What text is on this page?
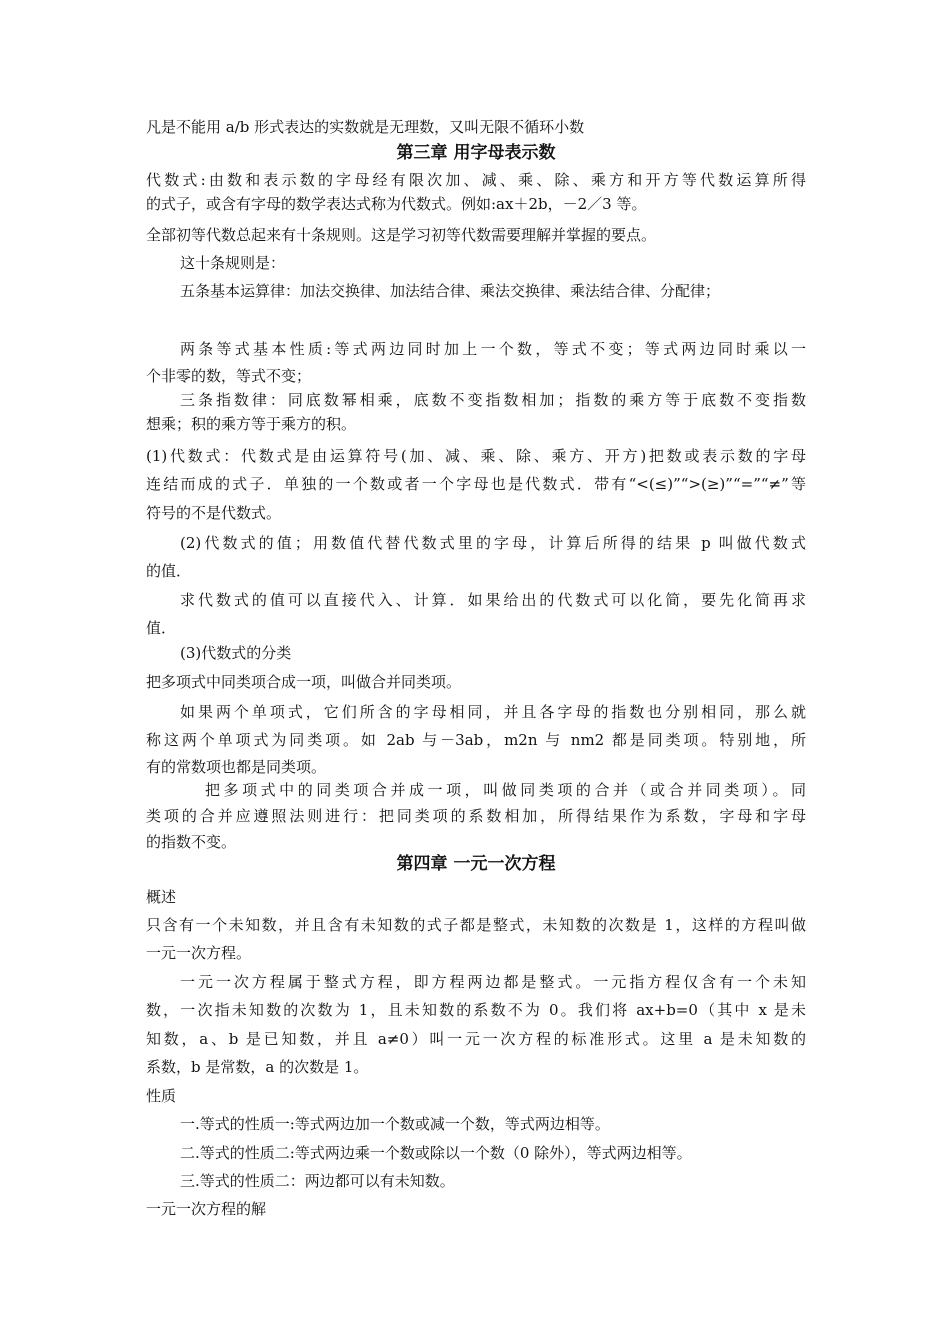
凡是不能用 a/b 形式表达的实数就是无理数，又叫无限不循环小数
第三章 用字母表示数
代数式:由数和表示数的字母经有限次加、减、乘、除、乘方和开方等代数运算所得
的式子，或含有字母的数学表达式称为代数式。例如:ax＋2b，－2／3 等。
全部初等代数总起来有十条规则。这是学习初等代数需要理解并掌握的要点。
这十条规则是：
五条基本运算律：加法交换律、加法结合律、乘法交换律、乘法结合律、分配律；
两条等式基本性质:等式两边同时加上一个数，等式不变；等式两边同时乘以一
个非零的数，等式不变；
三条指数律：同底数幂相乘，底数不变指数相加；指数的乘方等于底数不变指数
想乘；积的乘方等于乘方的积。
(1)代数式：代数式是由运算符号(加、减、乘、除、乘方、开方)把数或表示数的字母
连结而成的式子．单独的一个数或者一个字母也是代数式．带有“<(≤)”“>(≥)”“=”“≠”等
符号的不是代数式。
(2)代数式的值；用数值代替代数式里的字母，计算后所得的结果 p 叫做代数式
的值．
求代数式的值可以直接代入、计算．如果给出的代数式可以化简，要先化简再求
值．
(3)代数式的分类
把多项式中同类项合成一项，叫做合并同类项。
如果两个单项式，它们所含的字母相同，并且各字母的指数也分别相同，那么就
称这两个单项式为同类项。如 2ab 与－3ab，m2n 与 nm2 都是同类项。特别地，所
有的常数项也都是同类项。
把多项式中的同类项合并成一项，叫做同类项的合并（或合并同类项）。同
类项的合并应遵照法则进行：把同类项的系数相加，所得结果作为系数，字母和字母
的指数不变。
第四章 一元一次方程
概述
只含有一个未知数，并且含有未知数的式子都是整式，未知数的次数是 1，这样的方程叫做
一元一次方程。
一元一次方程属于整式方程，即方程两边都是整式。一元指方程仅含有一个未知
数，一次指未知数的次数为 1，且未知数的系数不为 0。我们将 ax+b=0（其中 x 是未
知数，a、b 是已知数，并且 a≠0）叫一元一次方程的标准形式。这里 a 是未知数的
系数，b 是常数，a 的次数是 1。
性质
一.等式的性质一:等式两边加一个数或减一个数，等式两边相等。
二.等式的性质二:等式两边乘一个数或除以一个数（0 除外），等式两边相等。
三.等式的性质二：两边都可以有未知数。
一元一次方程的解
